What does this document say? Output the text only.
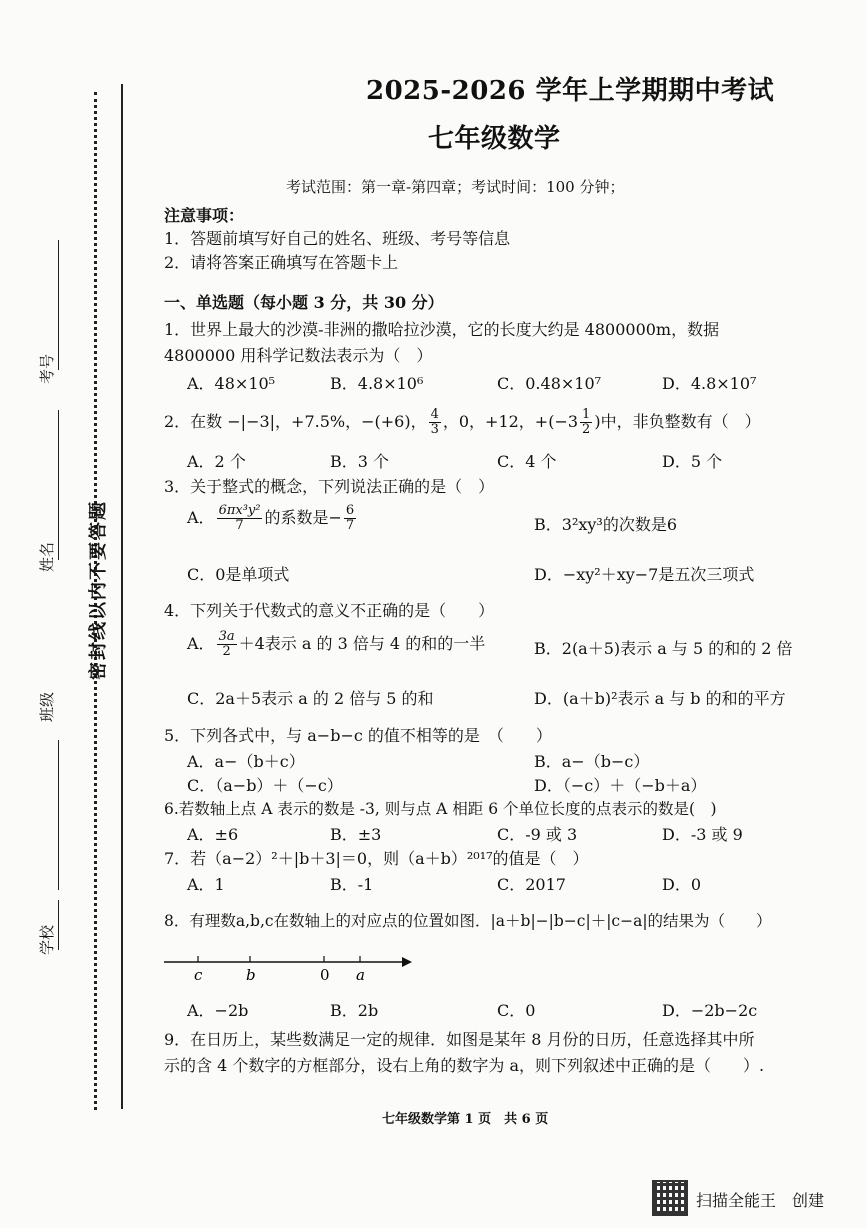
考号
姓名
班级
学校
密封线以内不要答题
2025-2026 学年上学期期中考试
七年级数学
考试范围：第一章-第四章；考试时间：100 分钟；
注意事项：
1．答题前填写好自己的姓名、班级、考号等信息
2．请将答案正确填写在答题卡上
一、单选题（每小题 3 分，共 30 分）
1．世界上最大的沙漠-非洲的撒哈拉沙漠，它的长度大约是 4800000m，数据
4800000 用科学记数法表示为（　）
A．48×10⁵	B．4.8×10⁶	C．0.48×10⁷	D．4.8×10⁷
2．在数 −|−3|，+7.5%，−(+6)， $\frac{4}{3}$ ，0，+12，$+(-3 \frac{1}{2}$ )中，非负整数有（　）
A．2 个	B．3 个	C．4 个	D．5 个
3．关于整式的概念，下列说法正确的是（　）
A． $\frac{\text{6πx³y²}}{7}$ 的系数是− $\frac{6}{7}$	B．3²xy³的次数是6
C．0是单项式	D．−xy²＋xy−7是五次三项式
4．下列关于代数式的意义不正确的是（　　）
A． $\frac{3a}{2} +4$表示 a 的 3 倍与 4 的和的一半	B．2(a＋5)表示 a 与 5 的和的 2 倍
C．2a＋5表示 a 的 2 倍与 5 的和	D．(a＋b)²表示 a 与 b 的和的平方
5．下列各式中，与 a−b−c 的值不相等的是　（　　）
A．a−（b＋c）	B．a−（b−c）
C．（a−b）＋（−c）	D．（−c）＋（−b＋a）
6.若数轴上点 A 表示的数是 -3, 则与点 A 相距 6 个单位长度的点表示的数是(　)
A．±6	B．±3	C．-9 或 3	D．-3 或 9
7．若（a−2）²＋|b＋3|＝0，则（a＋b）²⁰¹⁷的值是（　）
A．1	B．-1	C．2017	D．0
8．有理数a,b,c在数轴上的对应点的位置如图．|a＋b|−|b−c|＋|c−a|的结果为（　　）
c	b	0 a
A．−2b	B．2b	C．0	D．−2b−2c
9．在日历上，某些数满足一定的规律．如图是某年 8 月份的日历，任意选择其中所
示的含 4 个数字的方框部分，设右上角的数字为 a，则下列叙述中正确的是（　　）.
七年级数学第 1 页　共 6 页
扫描全能王　创建
